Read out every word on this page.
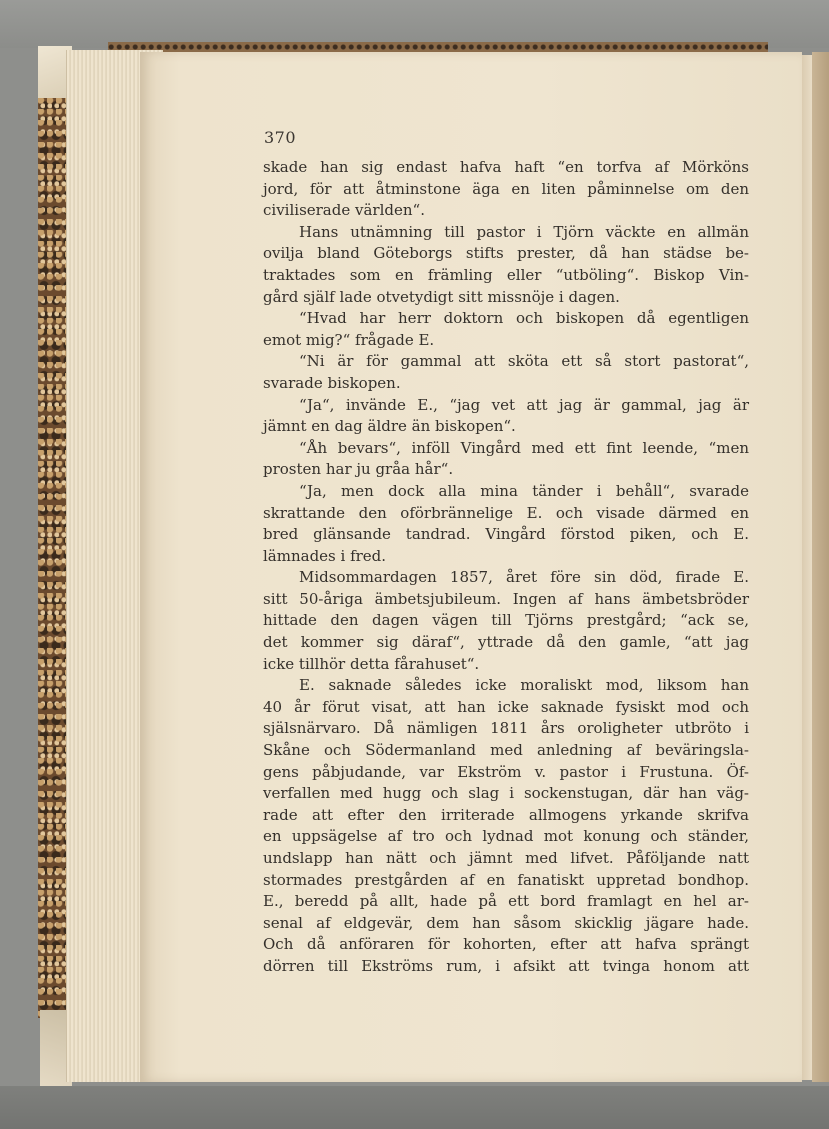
370
skade han sig endast hafva haft “en torfva af Mörköns
jord, för att åtminstone äga en liten påminnelse om den
civiliserade världen“.
Hans utnämning till pastor i Tjörn väckte en allmän
ovilja bland Göteborgs stifts prester, då han städse be-
traktades som en främling eller “utböling“. Biskop Vin-
gård själf lade otvetydigt sitt missnöje i dagen.
“Hvad har herr doktorn och biskopen då egentligen
emot mig?“ frågade E.
“Ni är för gammal att sköta ett så stort pastorat“,
svarade biskopen.
“Ja“, invände E., “jag vet att jag är gammal, jag är
jämnt en dag äldre än biskopen“.
“Åh bevars“, inföll Vingård med ett fint leende, “men
prosten har ju gråa hår“.
“Ja, men dock alla mina tänder i behåll“, svarade
skrattande den oförbrännelige E. och visade därmed en
bred glänsande tandrad. Vingård förstod piken, och E.
lämnades i fred.
Midsommardagen 1857, året före sin död, firade E.
sitt 50-åriga ämbetsjubileum. Ingen af hans ämbetsbröder
hittade den dagen vägen till Tjörns prestgård; “ack se,
det kommer sig däraf“, yttrade då den gamle, “att jag
icke tillhör detta fårahuset“.
E. saknade således icke moraliskt mod, liksom han
40 år förut visat, att han icke saknade fysiskt mod och
själsnärvaro. Då nämligen 1811 års oroligheter utbröto i
Skåne och Södermanland med anledning af beväringsla-
gens påbjudande, var Ekström v. pastor i Frustuna. Öf-
verfallen med hugg och slag i sockenstugan, där han väg-
rade att efter den irriterade allmogens yrkande skrifva
en uppsägelse af tro och lydnad mot konung och ständer,
undslapp han nätt och jämnt med lifvet. Påföljande natt
stormades prestgården af en fanatiskt uppretad bondhop.
E., beredd på allt, hade på ett bord framlagt en hel ar-
senal af eldgevär, dem han såsom skicklig jägare hade.
Och då anföraren för kohorten, efter att hafva sprängt
dörren till Ekströms rum, i afsikt att tvinga honom att
